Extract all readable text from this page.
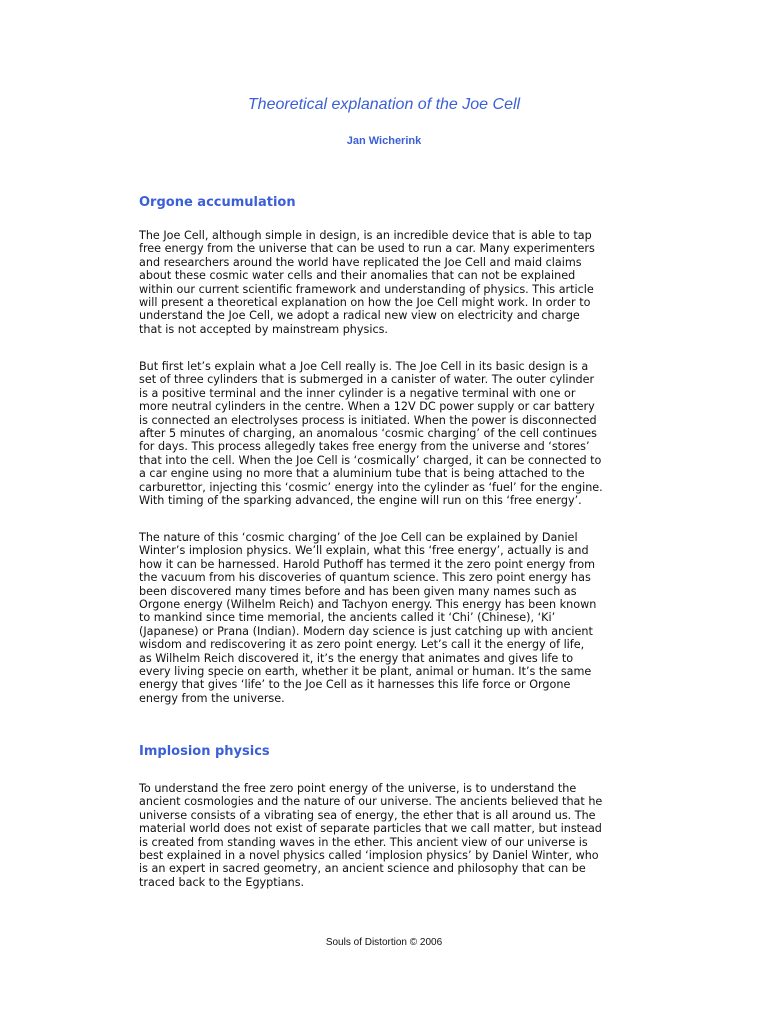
Theoretical explanation of the Joe Cell
Jan Wicherink
Orgone accumulation

The Joe Cell, although simple in design, is an incredible device that is able to tap
free energy from the universe that can be used to run a car. Many experimenters
and researchers around the world have replicated the Joe Cell and maid claims
about these cosmic water cells and their anomalies that can not be explained
within our current scientific framework and understanding of physics. This article
will present a theoretical explanation on how the Joe Cell might work. In order to
understand the Joe Cell, we adopt a radical new view on electricity and charge
that is not accepted by mainstream physics.

But first let’s explain what a Joe Cell really is. The Joe Cell in its basic design is a
set of three cylinders that is submerged in a canister of water. The outer cylinder
is a positive terminal and the inner cylinder is a negative terminal with one or
more neutral cylinders in the centre. When a 12V DC power supply or car battery
is connected an electrolyses process is initiated. When the power is disconnected
after 5 minutes of charging, an anomalous ‘cosmic charging’ of the cell continues
for days. This process allegedly takes free energy from the universe and ‘stores’
that into the cell. When the Joe Cell is ‘cosmically’ charged, it can be connected to
a car engine using no more that a aluminium tube that is being attached to the
carburettor, injecting this ‘cosmic’ energy into the cylinder as ‘fuel’ for the engine.
With timing of the sparking advanced, the engine will run on this ‘free energy’.

The nature of this ‘cosmic charging’ of the Joe Cell can be explained by Daniel
Winter’s implosion physics. We’ll explain, what this ‘free energy’, actually is and
how it can be harnessed. Harold Puthoff has termed it the zero point energy from
the vacuum from his discoveries of quantum science. This zero point energy has
been discovered many times before and has been given many names such as
Orgone energy (Wilhelm Reich) and Tachyon energy. This energy has been known
to mankind since time memorial, the ancients called it ‘Chi’ (Chinese), ‘Ki’
(Japanese) or Prana (Indian). Modern day science is just catching up with ancient
wisdom and rediscovering it as zero point energy. Let’s call it the energy of life,
as Wilhelm Reich discovered it, it’s the energy that animates and gives life to
every living specie on earth, whether it be plant, animal or human. It’s the same
energy that gives ‘life’ to the Joe Cell as it harnesses this life force or Orgone
energy from the universe.

Implosion physics

To understand the free zero point energy of the universe, is to understand the
ancient cosmologies and the nature of our universe. The ancients believed that he
universe consists of a vibrating sea of energy, the ether that is all around us. The
material world does not exist of separate particles that we call matter, but instead
is created from standing waves in the ether. This ancient view of our universe is
best explained in a novel physics called ‘implosion physics’ by Daniel Winter, who
is an expert in sacred geometry, an ancient science and philosophy that can be
traced back to the Egyptians.

Souls of Distortion © 2006
